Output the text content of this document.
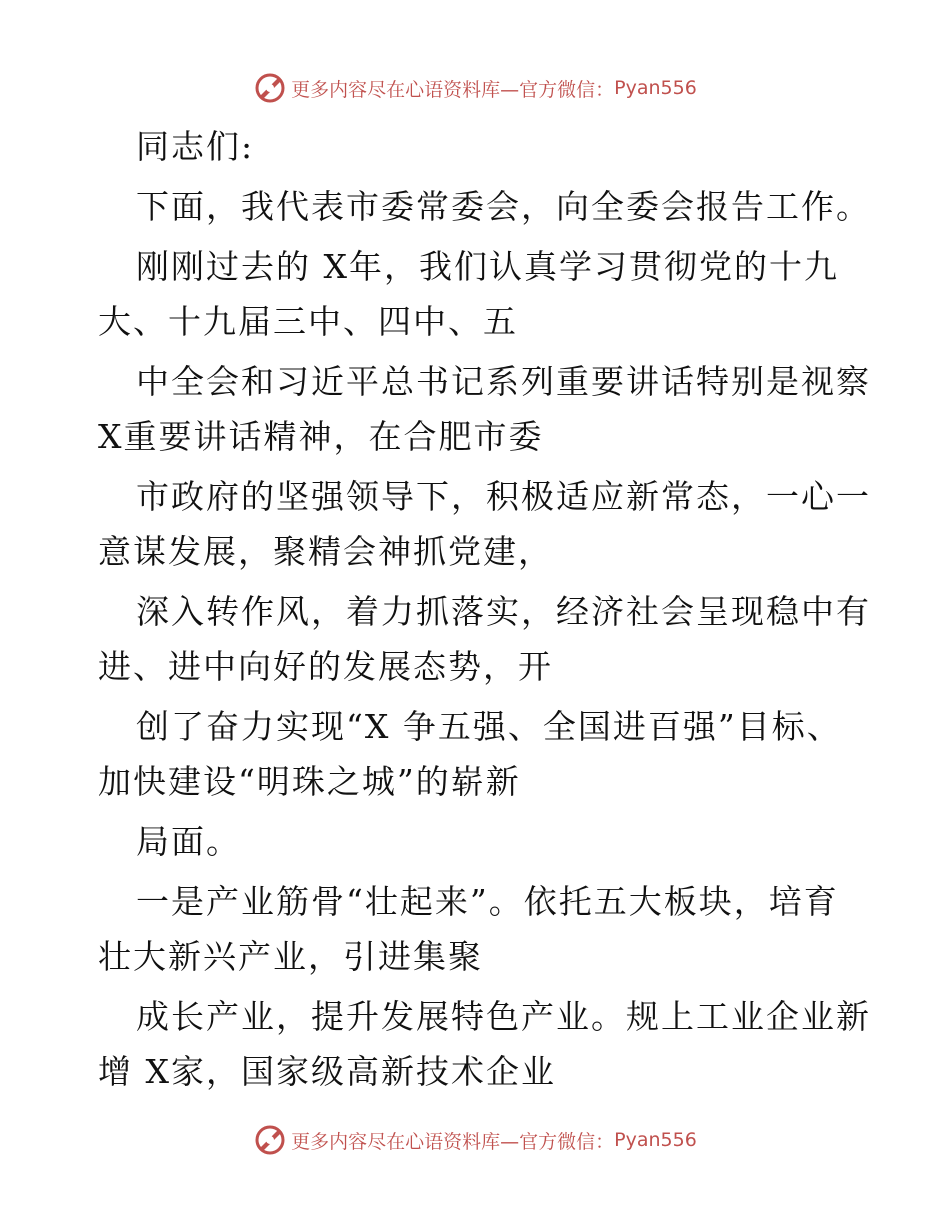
更多内容尽在心语资料库—官方微信： Pyan556
同志们:
下面，我代表市委常委会，向全委会报告工作。
刚刚过去的 X年，我们认真学习贯彻党的十九
大、十九届三中、四中、五
中全会和习近平总书记系列重要讲话特别是视察
X重要讲话精神，在合肥市委
市政府的坚强领导下，积极适应新常态，一心一
意谋发展，聚精会神抓党建，
深入转作风，着力抓落实，经济社会呈现稳中有
进、进中向好的发展态势，开
创了奋力实现“X 争五强、全国进百强”目标、
加快建设“明珠之城”的崭新
局面。
一是产业筋骨“壮起来”。依托五大板块，培育
壮大新兴产业，引进集聚
成长产业，提升发展特色产业。规上工业企业新
增 X家，国家级高新技术企业
更多内容尽在心语资料库—官方微信： Pyan556
